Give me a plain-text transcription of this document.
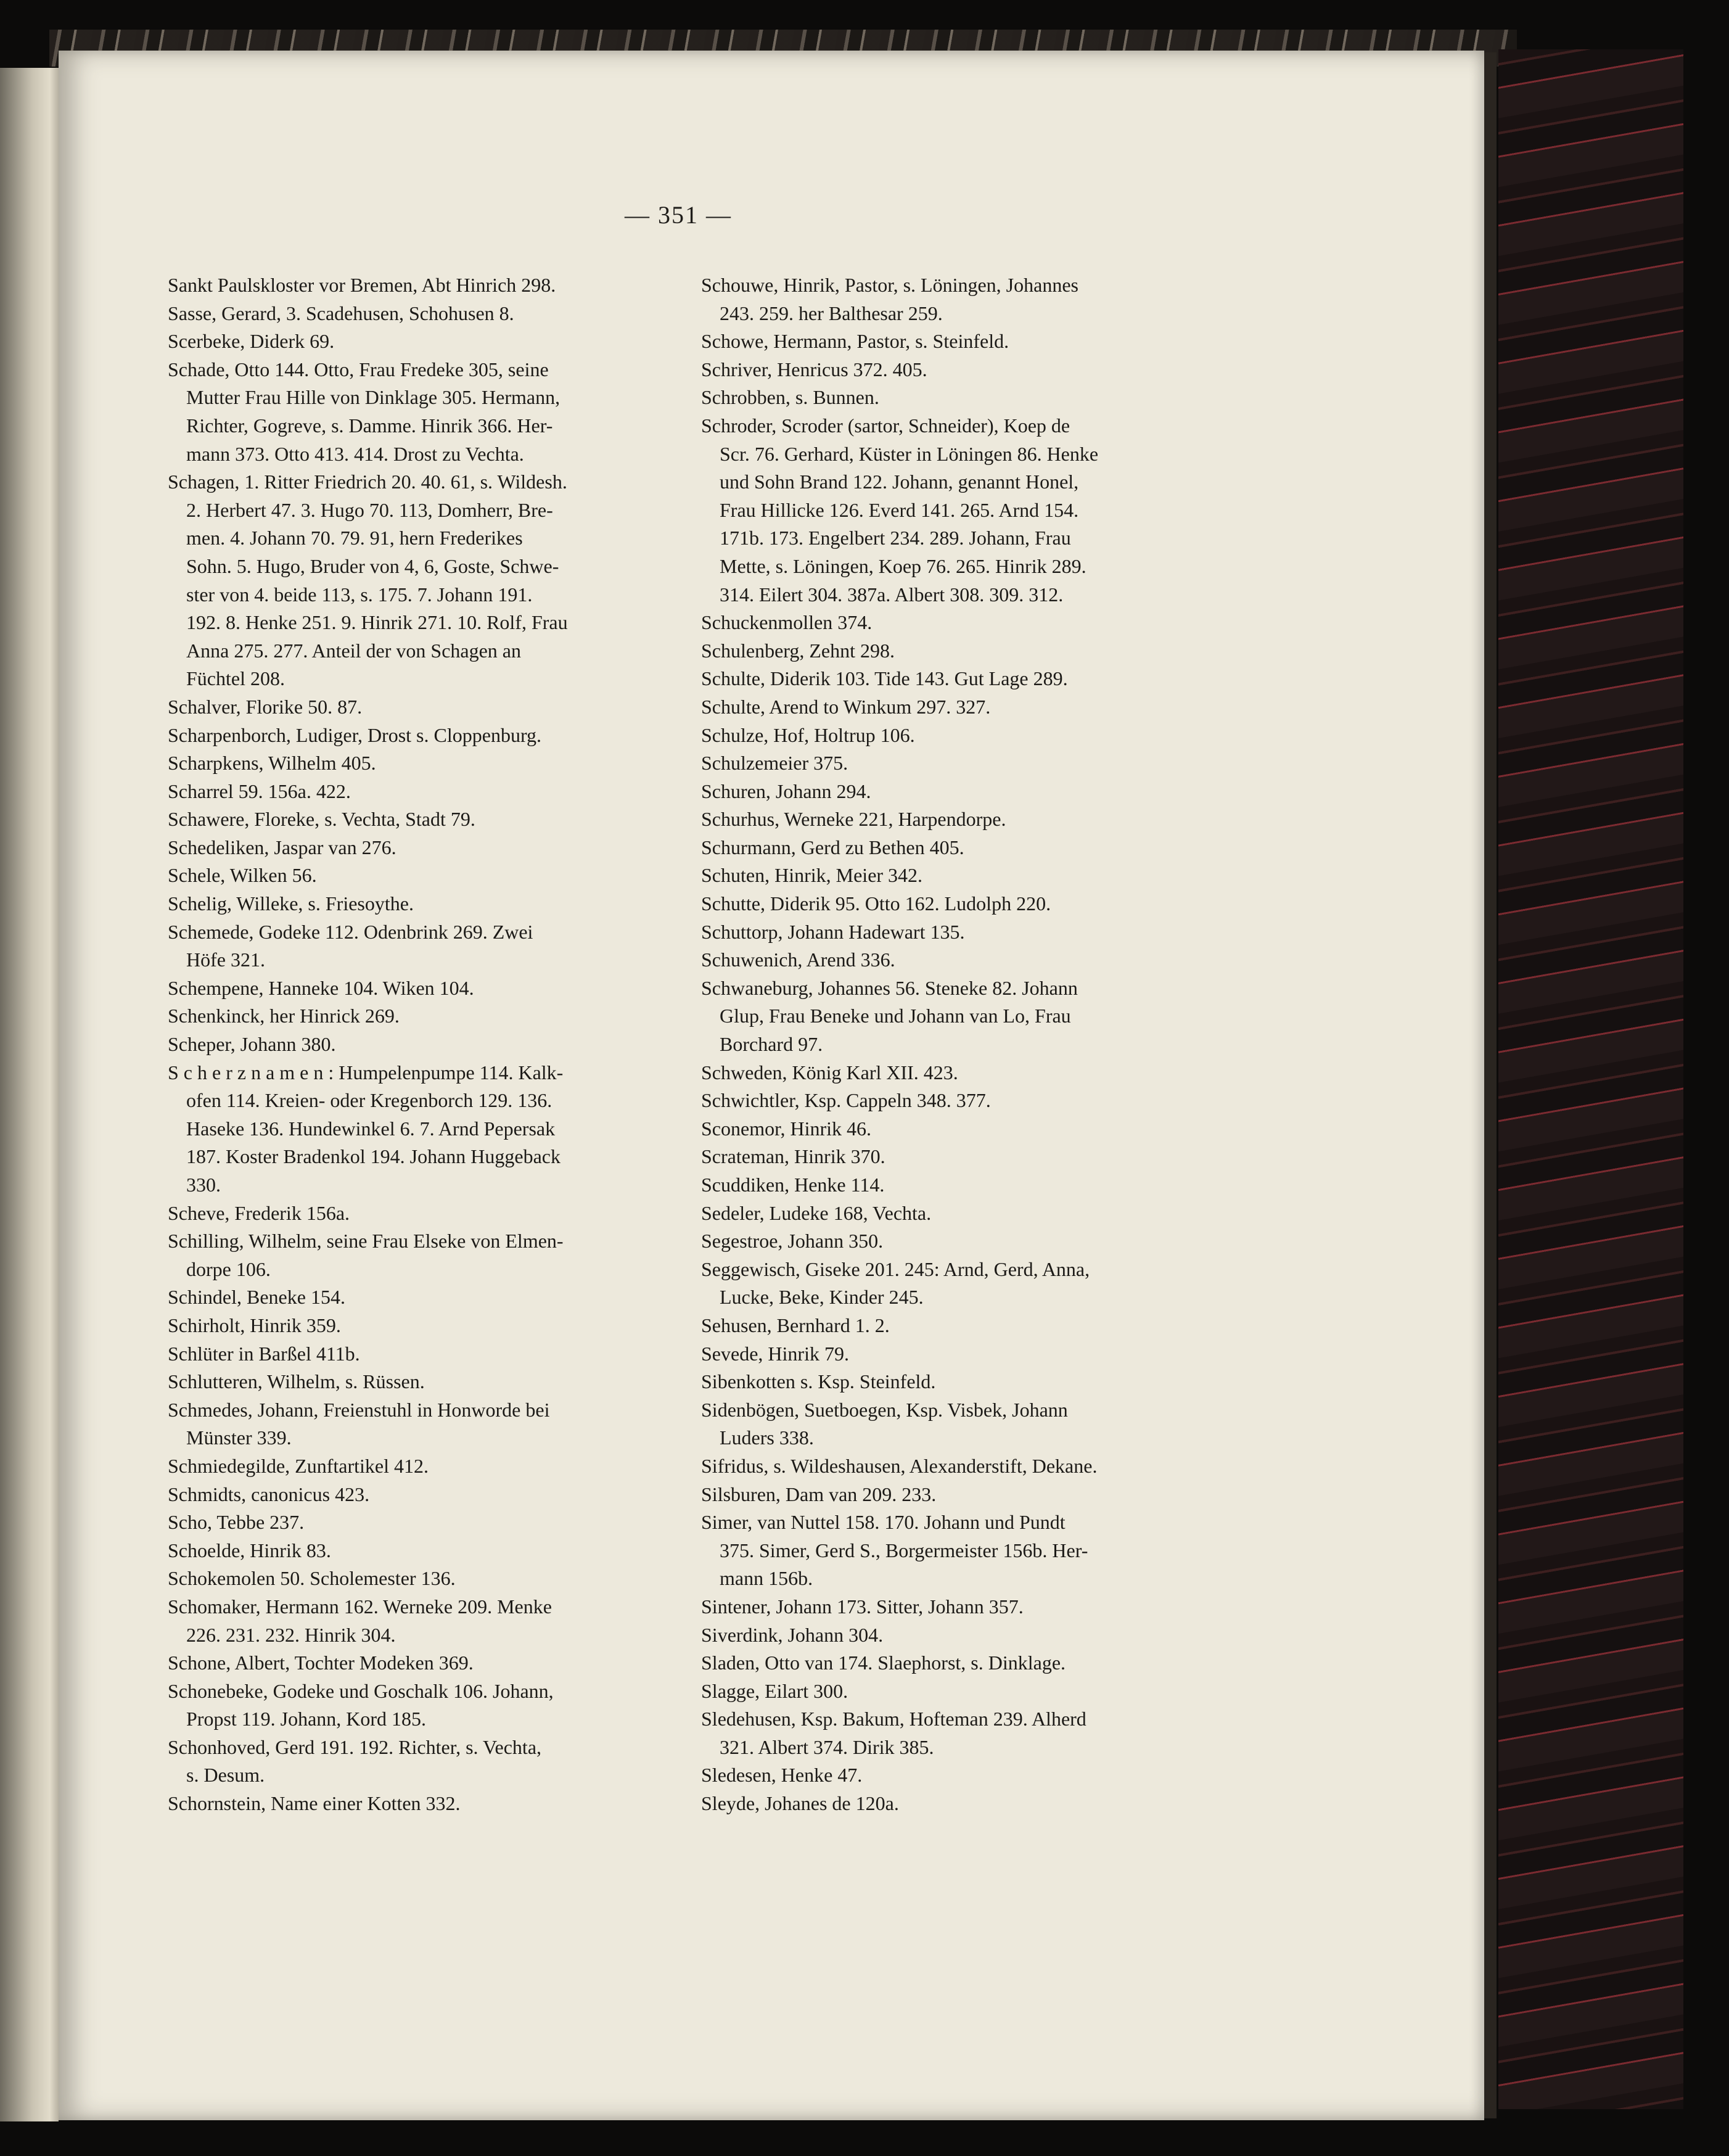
— 351 —

Sankt Paulskloster vor Bremen, Abt Hinrich 298.

Sasse, Gerard, 3. Scadehusen, Schohusen 8.

Scerbeke, Diderk 69.

Schade, Otto 144. Otto, Frau Fredeke 305, seine
Mutter Frau Hille von Dinklage 305. Hermann,
Richter, Gogreve, s. Damme. Hinrik 366. Her-
mann 373. Otto 413. 414. Drost zu Vechta.

Schagen, 1. Ritter Friedrich 20. 40. 61, s. Wildesh.
2. Herbert 47. 3. Hugo 70. 113, Domherr, Bre-
men. 4. Johann 70. 79. 91, hern Frederikes
Sohn. 5. Hugo, Bruder von 4, 6, Goste, Schwe-
ster von 4. beide 113, s. 175. 7. Johann 191.
192. 8. Henke 251. 9. Hinrik 271. 10. Rolf, Frau
Anna 275. 277. Anteil der von Schagen an
Füchtel 208.

Schalver, Florike 50. 87.

Scharpenborch, Ludiger, Drost s. Cloppenburg.

Scharpkens, Wilhelm 405.

Scharrel 59. 156a. 422.

Schawere, Floreke, s. Vechta, Stadt 79.

Schedeliken, Jaspar van 276.

Schele, Wilken 56.

Schelig, Willeke, s. Friesoythe.

Schemede, Godeke 112. Odenbrink 269. Zwei
Höfe 321.

Schempene, Hanneke 104. Wiken 104.

Schenkinck, her Hinrick 269.

Scheper, Johann 380.

S c h e r z n a m e n : Humpelenpumpe 114. Kalk-
ofen 114. Kreien- oder Kregenborch 129. 136.
Haseke 136. Hundewinkel 6. 7. Arnd Pepersak
187. Koster Bradenkol 194. Johann Huggeback
330.

Scheve, Frederik 156a.

Schilling, Wilhelm, seine Frau Elseke von Elmen-
dorpe 106.

Schindel, Beneke 154.

Schirholt, Hinrik 359.

Schlüter in Barßel 411b.

Schlutteren, Wilhelm, s. Rüssen.

Schmedes, Johann, Freienstuhl in Honworde bei
Münster 339.

Schmiedegilde, Zunftartikel 412.

Schmidts, canonicus 423.

Scho, Tebbe 237.

Schoelde, Hinrik 83.

Schokemolen 50. Scholemester 136.

Schomaker, Hermann 162. Werneke 209. Menke
226. 231. 232. Hinrik 304.

Schone, Albert, Tochter Modeken 369.

Schonebeke, Godeke und Goschalk 106. Johann,
Propst 119. Johann, Kord 185.

Schonhoved, Gerd 191. 192. Richter, s. Vechta,
s. Desum.

Schornstein, Name einer Kotten 332.

Schouwe, Hinrik, Pastor, s. Löningen, Johannes
243. 259. her Balthesar 259.

Schowe, Hermann, Pastor, s. Steinfeld.

Schriver, Henricus 372. 405.

Schrobben, s. Bunnen.

Schroder, Scroder (sartor, Schneider), Koep de
Scr. 76. Gerhard, Küster in Löningen 86. Henke
und Sohn Brand 122. Johann, genannt Honel,
Frau Hillicke 126. Everd 141. 265. Arnd 154.
171b. 173. Engelbert 234. 289. Johann, Frau
Mette, s. Löningen, Koep 76. 265. Hinrik 289.
314. Eilert 304. 387a. Albert 308. 309. 312.

Schuckenmollen 374.

Schulenberg, Zehnt 298.

Schulte, Diderik 103. Tide 143. Gut Lage 289.

Schulte, Arend to Winkum 297. 327.

Schulze, Hof, Holtrup 106.

Schulzemeier 375.

Schuren, Johann 294.

Schurhus, Werneke 221, Harpendorpe.

Schurmann, Gerd zu Bethen 405.

Schuten, Hinrik, Meier 342.

Schutte, Diderik 95. Otto 162. Ludolph 220.

Schuttorp, Johann Hadewart 135.

Schuwenich, Arend 336.

Schwaneburg, Johannes 56. Steneke 82. Johann
Glup, Frau Beneke und Johann van Lo, Frau
Borchard 97.

Schweden, König Karl XII. 423.

Schwichtler, Ksp. Cappeln 348. 377.

Sconemor, Hinrik 46.

Scrateman, Hinrik 370.

Scuddiken, Henke 114.

Sedeler, Ludeke 168, Vechta.

Segestroe, Johann 350.

Seggewisch, Giseke 201. 245: Arnd, Gerd, Anna,
Lucke, Beke, Kinder 245.

Sehusen, Bernhard 1. 2.

Sevede, Hinrik 79.

Sibenkotten s. Ksp. Steinfeld.

Sidenbögen, Suetboegen, Ksp. Visbek, Johann
Luders 338.

Sifridus, s. Wildeshausen, Alexanderstift, Dekane.

Silsburen, Dam van 209. 233.

Simer, van Nuttel 158. 170. Johann und Pundt
375. Simer, Gerd S., Borgermeister 156b. Her-
mann 156b.

Sintener, Johann 173. Sitter, Johann 357.

Siverdink, Johann 304.

Sladen, Otto van 174. Slaephorst, s. Dinklage.

Slagge, Eilart 300.

Sledehusen, Ksp. Bakum, Hofteman 239. Alherd
321. Albert 374. Dirik 385.

Sledesen, Henke 47.

Sleyde, Johanes de 120a.
